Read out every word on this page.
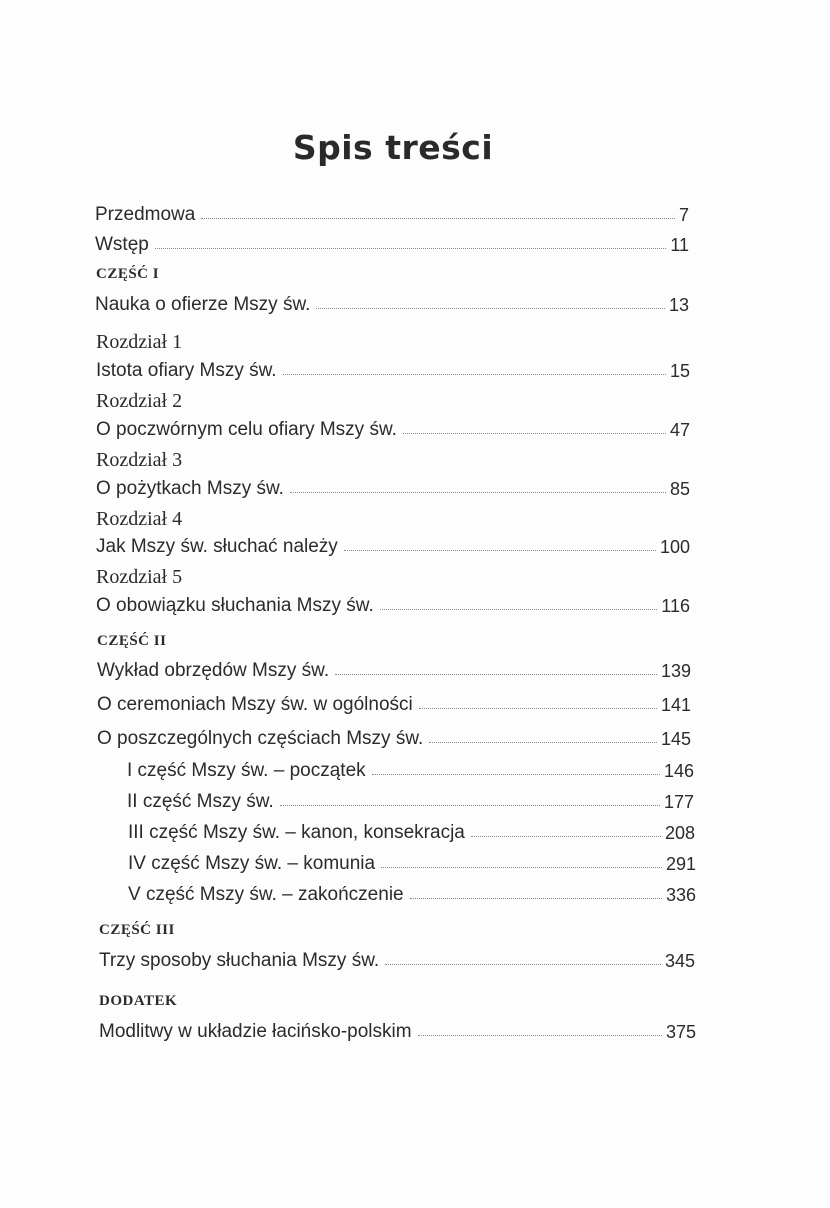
Spis treści
Przedmowa	7
Wstęp	11
CZĘŚĆ I
Nauka o ofierze Mszy św.	13
Rozdział 1
Istota ofiary Mszy św.	15
Rozdział 2
O poczwórnym celu ofiary Mszy św.	47
Rozdział 3
O pożytkach Mszy św.	85
Rozdział 4
Jak Mszy św. słuchać należy	100
Rozdział 5
O obowiązku słuchania Mszy św.	116
CZĘŚĆ II
Wykład obrzędów Mszy św.	139
O ceremoniach Mszy św. w ogólności	141
O poszczególnych częściach Mszy św.	145
I część Mszy św. – początek	146
II część Mszy św.	177
III część Mszy św. – kanon, konsekracja	208
IV część Mszy św. – komunia	291
V część Mszy św. – zakończenie	336
CZĘŚĆ III
Trzy sposoby słuchania Mszy św.	345
DODATEK
Modlitwy w układzie łacińsko-polskim	375
